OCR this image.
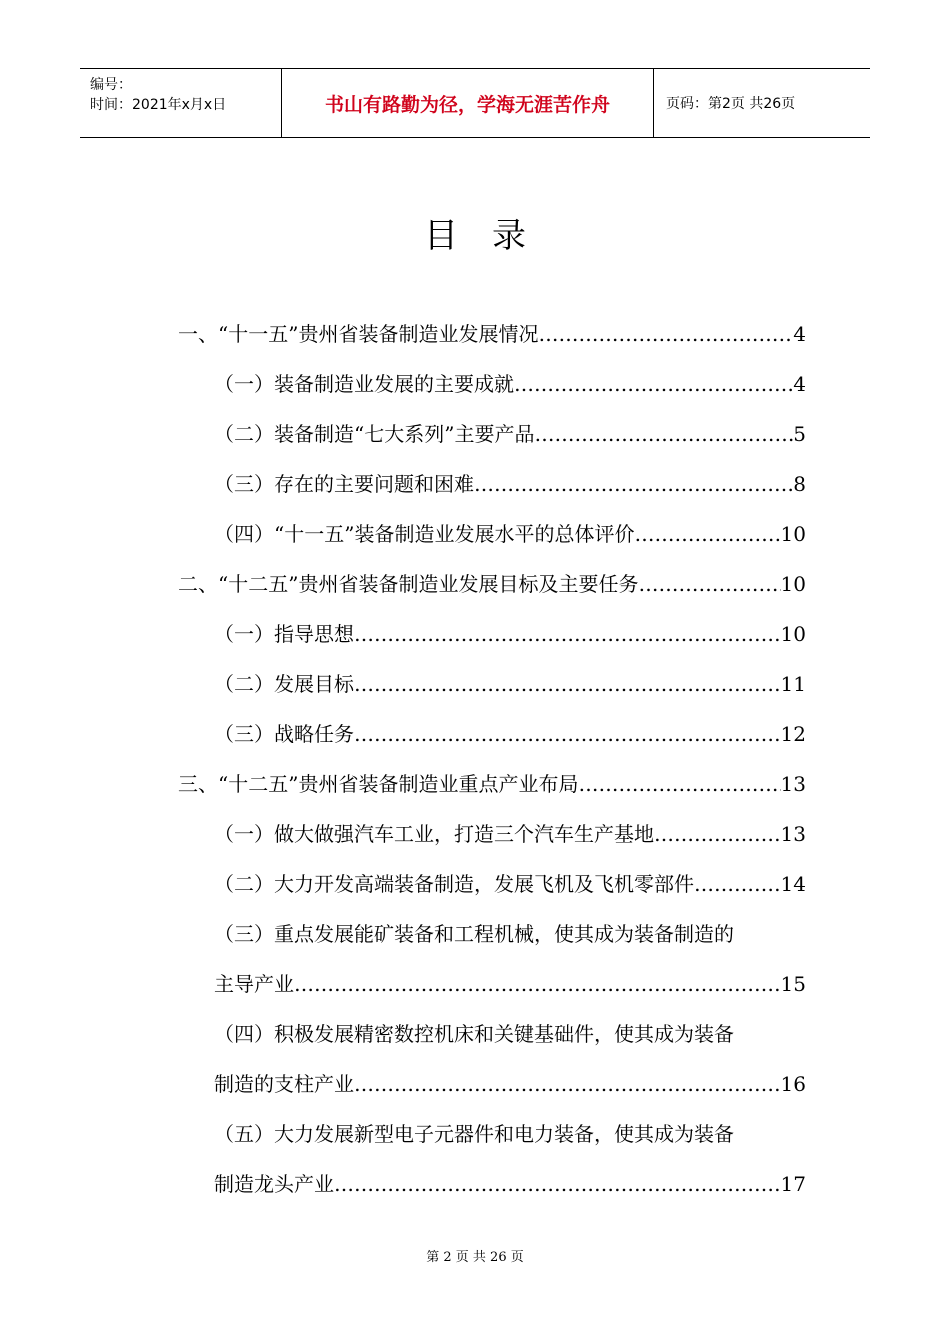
编号：
时间：2021年x月x日	书山有路勤为径，学海无涯苦作舟	页码：第2页 共26页
目录
一、“十一五”贵州省装备制造业发展情况 ……………………………………………………………………………………………………………………………………	4
（一）装备制造业发展的主要成就 ……………………………………………………………………………………………………………………………………	4
（二）装备制造“七大系列”主要产品 ……………………………………………………………………………………………………………………………………	5
（三）存在的主要问题和困难 ……………………………………………………………………………………………………………………………………	8
（四）“十一五”装备制造业发展水平的总体评价 ……………………………………………………………………………………………………………………………………	10
二、“十二五”贵州省装备制造业发展目标及主要任务 ……………………………………………………………………………………………………………………………………	10
（一）指导思想 ……………………………………………………………………………………………………………………………………	10
（二）发展目标 ……………………………………………………………………………………………………………………………………	11
（三）战略任务 ……………………………………………………………………………………………………………………………………	12
三、“十二五”贵州省装备制造业重点产业布局 ……………………………………………………………………………………………………………………………………	13
（一）做大做强汽车工业，打造三个汽车生产基地 ……………………………………………………………………………………………………………………………………	13
（二）大力开发高端装备制造，发展飞机及飞机零部件 ……………………………………………………………………………………………………………………………………	14
（三）重点发展能矿装备和工程机械，使其成为装备制造的
主导产业 ……………………………………………………………………………………………………………………………………	15
（四）积极发展精密数控机床和关键基础件，使其成为装备
制造的支柱产业 ……………………………………………………………………………………………………………………………………	16
（五）大力发展新型电子元器件和电力装备，使其成为装备
制造龙头产业 ……………………………………………………………………………………………………………………………………	17
第 2 页 共 26 页
